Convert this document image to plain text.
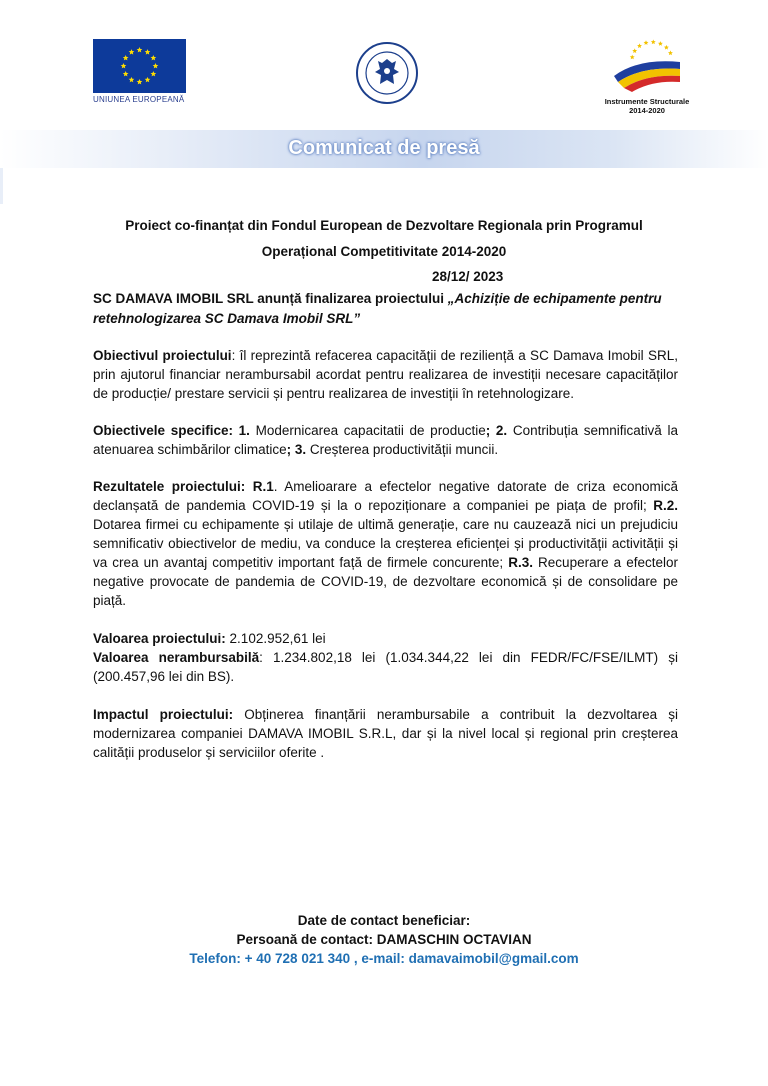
UNIUNEA EUROPEANĂ	Instrumente Structurale
2014-2020
Comunicat de presă
Proiect co-finanțat din Fondul European de Dezvoltare Regionala prin Programul
Operațional Competitivitate 2014-2020
28/12/ 2023
SC DAMAVA IMOBIL SRL anunță finalizarea proiectului „Achiziție de echipamente pentru retehnologizarea SC Damava Imobil SRL”
Obiectivul proiectului: îl reprezintă refacerea capacității de reziliență a SC Damava Imobil SRL, prin ajutorul financiar nerambursabil acordat pentru realizarea de investiții necesare capacităților de producție/ prestare servicii și pentru realizarea de investiții în retehnologizare.
Obiectivele specifice: 1. Modernicarea capacitatii de productie; 2. Contribuția semnificativă la atenuarea schimbărilor climatice; 3. Creșterea productivității muncii.
Rezultatele proiectului: R.1. Amelioarare a efectelor negative datorate de criza economică declanșată de pandemia COVID-19 și la o repoziționare a companiei pe piața de profil; R.2. Dotarea firmei cu echipamente și utilaje de ultimă generație, care nu cauzează nici un prejudiciu semnificativ obiectivelor de mediu, va conduce la creșterea eficienței și productivității activității și va crea un avantaj competitiv important față de firmele concurente; R.3. Recuperare a efectelor negative provocate de pandemia de COVID-19, de dezvoltare economică și de consolidare pe piață.
Valoarea proiectului: 2.102.952,61 lei
Valoarea nerambursabilă: 1.234.802,18 lei (1.034.344,22 lei din FEDR/FC/FSE/ILMT) și (200.457,96 lei din BS).
Impactul proiectului: Obținerea finanțării nerambursabile a contribuit la dezvoltarea și modernizarea companiei DAMAVA IMOBIL S.R.L, dar și la nivel local și regional prin creșterea calității produselor și serviciilor oferite .
Date de contact beneficiar:
Persoană de contact: DAMASCHIN OCTAVIAN
Telefon: + 40 728 021 340 , e-mail: damavaimobil@gmail.com
